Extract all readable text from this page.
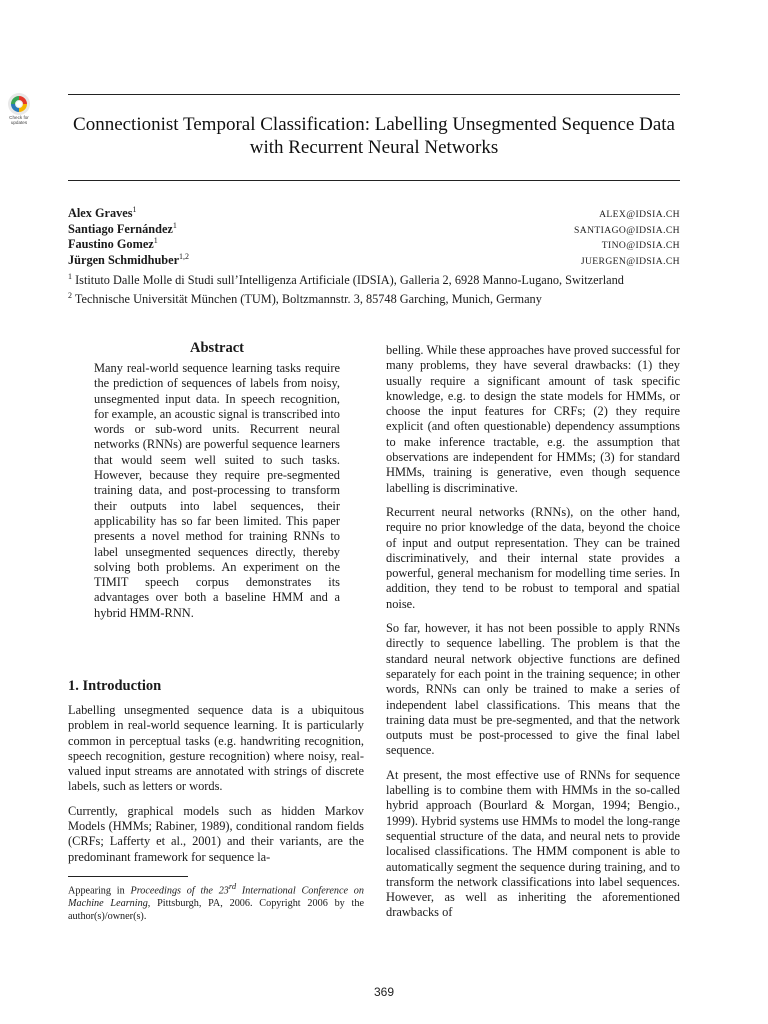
Check for updates	Connectionist Temporal Classification: Labelling Unsegmented Sequence Data with Recurrent Neural Networks
Alex Graves$^1$	ALEX@IDSIA.CH
Santiago Fernández$^1$	SANTIAGO@IDSIA.CH
Faustino Gomez$^1$	TINO@IDSIA.CH
Jürgen Schmidhuber$^{1,2}$	JUERGEN@IDSIA.CH
$^1$ Istituto Dalle Molle di Studi sull’Intelligenza Artificiale (IDSIA), Galleria 2, 6928 Manno-Lugano, Switzerland
$^2$ Technische Universität München (TUM), Boltzmannstr. 3, 85748 Garching, Munich, Germany
Abstract

Many real-world sequence learning tasks require the prediction of sequences of labels from noisy, unsegmented input data. In speech recognition, for example, an acoustic signal is transcribed into words or sub-word units. Recurrent neural networks (RNNs) are powerful sequence learners that would seem well suited to such tasks. However, because they require pre-segmented training data, and post-processing to transform their outputs into label sequences, their applicability has so far been limited. This paper presents a novel method for training RNNs to label unsegmented sequences directly, thereby solving both problems. An experiment on the TIMIT speech corpus demonstrates its advantages over both a baseline HMM and a hybrid HMM-RNN.

1. Introduction

Labelling unsegmented sequence data is a ubiquitous problem in real-world sequence learning. It is particularly common in perceptual tasks (e.g. handwriting recognition, speech recognition, gesture recognition) where noisy, real-valued input streams are annotated with strings of discrete labels, such as letters or words.

Currently, graphical models such as hidden Markov Models (HMMs; Rabiner, 1989), conditional random fields (CRFs; Lafferty et al., 2001) and their variants, are the predominant framework for sequence la-

Appearing in Proceedings of the 23rd International Conference on Machine Learning, Pittsburgh, PA, 2006. Copyright 2006 by the author(s)/owner(s).

belling. While these approaches have proved successful for many problems, they have several drawbacks: (1) they usually require a significant amount of task specific knowledge, e.g. to design the state models for HMMs, or choose the input features for CRFs; (2) they require explicit (and often questionable) dependency assumptions to make inference tractable, e.g. the assumption that observations are independent for HMMs; (3) for standard HMMs, training is generative, even though sequence labelling is discriminative.

Recurrent neural networks (RNNs), on the other hand, require no prior knowledge of the data, beyond the choice of input and output representation. They can be trained discriminatively, and their internal state provides a powerful, general mechanism for modelling time series. In addition, they tend to be robust to temporal and spatial noise.

So far, however, it has not been possible to apply RNNs directly to sequence labelling. The problem is that the standard neural network objective functions are defined separately for each point in the training sequence; in other words, RNNs can only be trained to make a series of independent label classifications. This means that the training data must be pre-segmented, and that the network outputs must be post-processed to give the final label sequence.

At present, the most effective use of RNNs for sequence labelling is to combine them with HMMs in the so-called hybrid approach (Bourlard & Morgan, 1994; Bengio., 1999). Hybrid systems use HMMs to model the long-range sequential structure of the data, and neural nets to provide localised classifications. The HMM component is able to automatically segment the sequence during training, and to transform the network classifications into label sequences. However, as well as inheriting the aforementioned drawbacks of

369
